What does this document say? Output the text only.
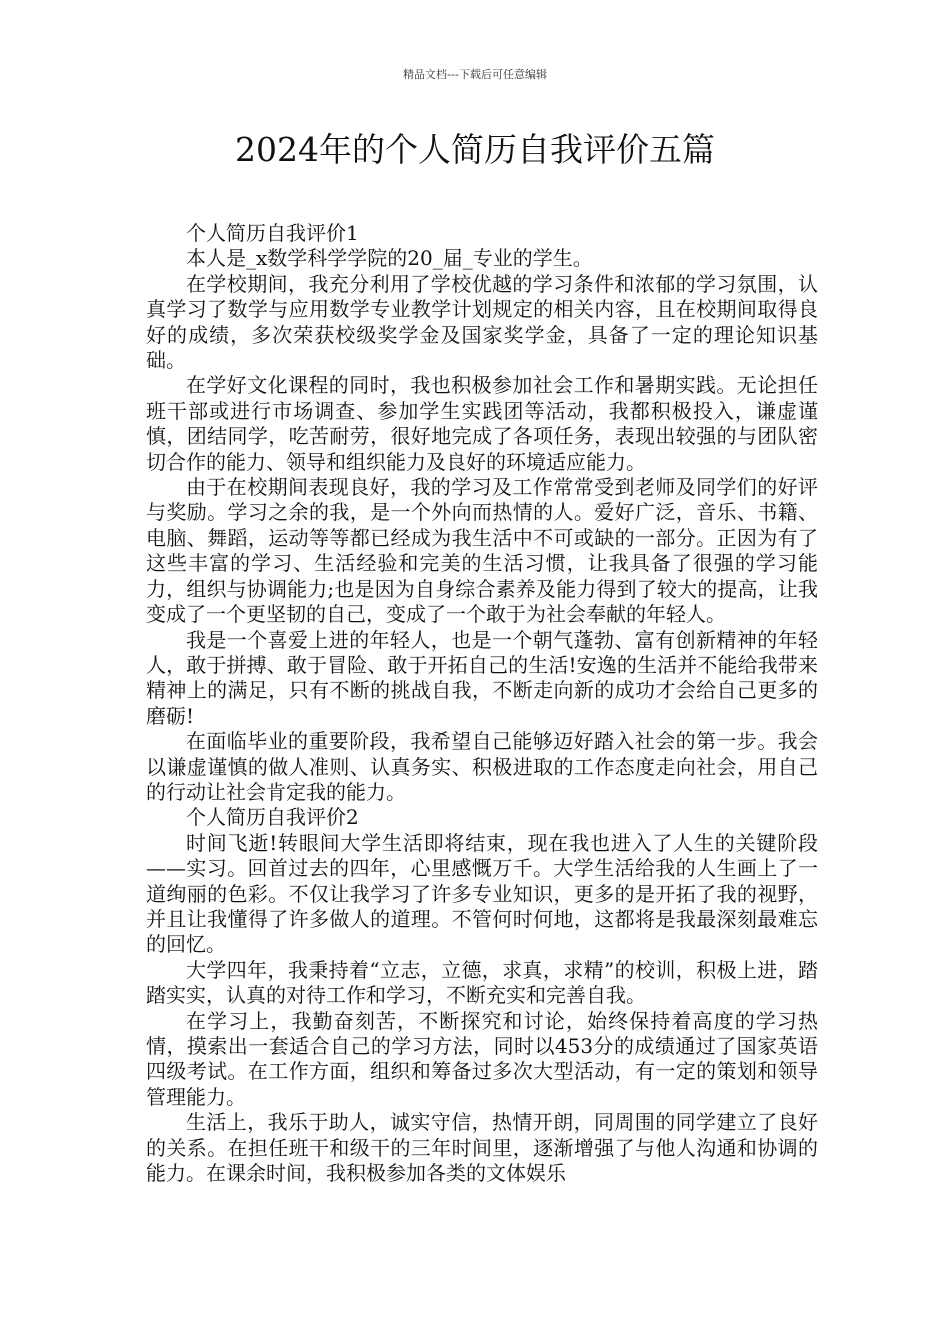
精品文档---下载后可任意编辑
2024年的个人简历自我评价五篇

个人简历自我评价1

本人是_x数学科学学院的20_届_专业的学生。

在学校期间，我充分利用了学校优越的学习条件和浓郁的学习氛围，认真学习了数学与应用数学专业教学计划规定的相关内容，且在校期间取得良好的成绩，多次荣获校级奖学金及国家奖学金，具备了一定的理论知识基础。

在学好文化课程的同时，我也积极参加社会工作和暑期实践。无论担任班干部或进行市场调查、参加学生实践团等活动，我都积极投入，谦虚谨慎，团结同学，吃苦耐劳，很好地完成了各项任务，表现出较强的与团队密切合作的能力、领导和组织能力及良好的环境适应能力。

由于在校期间表现良好，我的学习及工作常常受到老师及同学们的好评与奖励。学习之余的我，是一个外向而热情的人。爱好广泛，音乐、书籍、电脑、舞蹈，运动等等都已经成为我生活中不可或缺的一部分。正因为有了这些丰富的学习、生活经验和完美的生活习惯，让我具备了很强的学习能力，组织与协调能力;也是因为自身综合素养及能力得到了较大的提高，让我变成了一个更坚韧的自己，变成了一个敢于为社会奉献的年轻人。

我是一个喜爱上进的年轻人，也是一个朝气蓬勃、富有创新精神的年轻人，敢于拼搏、敢于冒险、敢于开拓自己的生活!安逸的生活并不能给我带来精神上的满足，只有不断的挑战自我，不断走向新的成功才会给自己更多的磨砺!

在面临毕业的重要阶段，我希望自己能够迈好踏入社会的第一步。我会以谦虚谨慎的做人准则、认真务实、积极进取的工作态度走向社会，用自己的行动让社会肯定我的能力。

个人简历自我评价2

时间飞逝!转眼间大学生活即将结束，现在我也进入了人生的关键阶段——实习。回首过去的四年，心里感慨万千。大学生活给我的人生画上了一道绚丽的色彩。不仅让我学习了许多专业知识，更多的是开拓了我的视野，并且让我懂得了许多做人的道理。不管何时何地，这都将是我最深刻最难忘的回忆。

大学四年，我秉持着“立志，立德，求真，求精”的校训，积极上进，踏踏实实，认真的对待工作和学习，不断充实和完善自我。

在学习上，我勤奋刻苦，不断探究和讨论，始终保持着高度的学习热情，摸索出一套适合自己的学习方法，同时以453分的成绩通过了国家英语四级考试。在工作方面，组织和筹备过多次大型活动，有一定的策划和领导管理能力。

生活上，我乐于助人，诚实守信，热情开朗，同周围的同学建立了良好的关系。在担任班干和级干的三年时间里，逐渐增强了与他人沟通和协调的能力。在课余时间，我积极参加各类的文体娱乐
